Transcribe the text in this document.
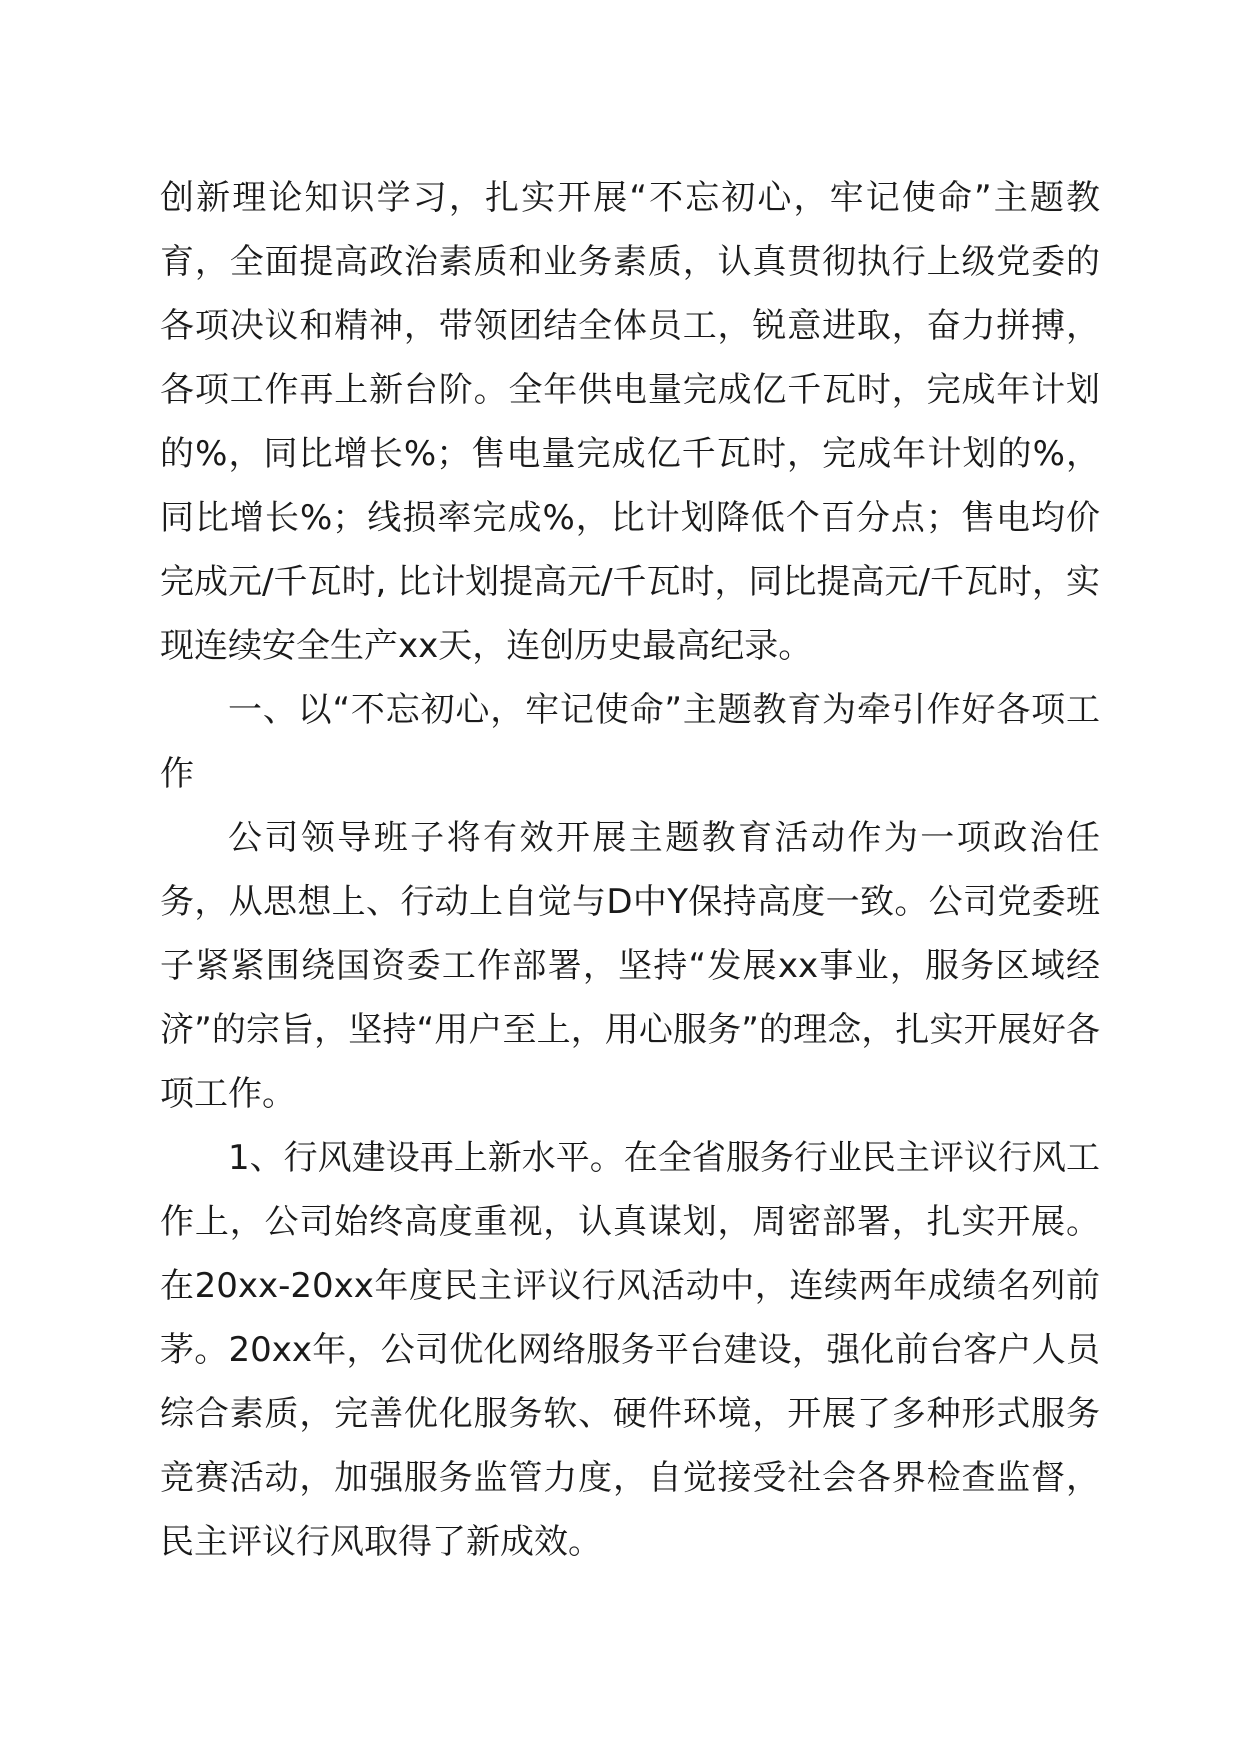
创新理论知识学习，扎实开展“不忘初心，牢记使命”主题教育，全面提高政治素质和业务素质，认真贯彻执行上级党委的各项决议和精神，带领团结全体员工，锐意进取，奋力拼搏，各项工作再上新台阶。全年供电量完成亿千瓦时，完成年计划的%，同比增长%；售电量完成亿千瓦时，完成年计划的%，同比增长%；线损率完成%，比计划降低个百分点；售电均价完成元/千瓦时, 比计划提高元/千瓦时，同比提高元/千瓦时，实现连续安全生产xx天，连创历史最高纪录。

一、以“不忘初心，牢记使命”主题教育为牵引作好各项工作

公司领导班子将有效开展主题教育活动作为一项政治任务，从思想上、行动上自觉与D中Y保持高度一致。公司党委班子紧紧围绕国资委工作部署，坚持“发展xx事业，服务区域经济”的宗旨，坚持“用户至上，用心服务”的理念，扎实开展好各项工作。

1、行风建设再上新水平。在全省服务行业民主评议行风工作上，公司始终高度重视，认真谋划，周密部署，扎实开展。在20xx-20xx年度民主评议行风活动中，连续两年成绩名列前茅。20xx年，公司优化网络服务平台建设，强化前台客户人员综合素质，完善优化服务软、硬件环境，开展了多种形式服务竞赛活动，加强服务监管力度，自觉接受社会各界检查监督，民主评议行风取得了新成效。
